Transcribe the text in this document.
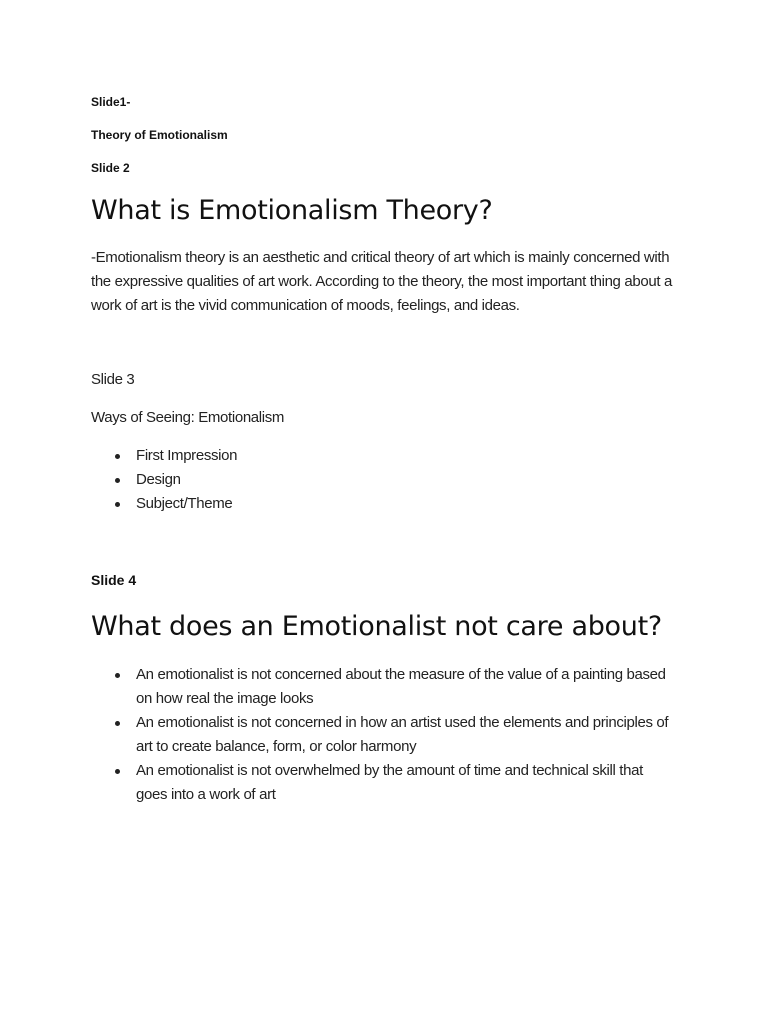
Slide1-
Theory of Emotionalism
Slide 2
What is Emotionalism Theory?
-Emotionalism theory is an aesthetic and critical theory of art which is mainly concerned with the expressive qualities of art work. According to the theory, the most important thing about a work of art is the vivid communication of moods, feelings, and ideas.
Slide 3
Ways of Seeing: Emotionalism
First Impression
Design
Subject/Theme
Slide 4
What does an Emotionalist not care about?
An emotionalist is not concerned about the measure of the value of a painting based on how real the image looks
An emotionalist is not concerned in how an artist used the elements and principles of art to create balance, form, or color harmony
An emotionalist is not overwhelmed by the amount of time and technical skill that goes into a work of art
